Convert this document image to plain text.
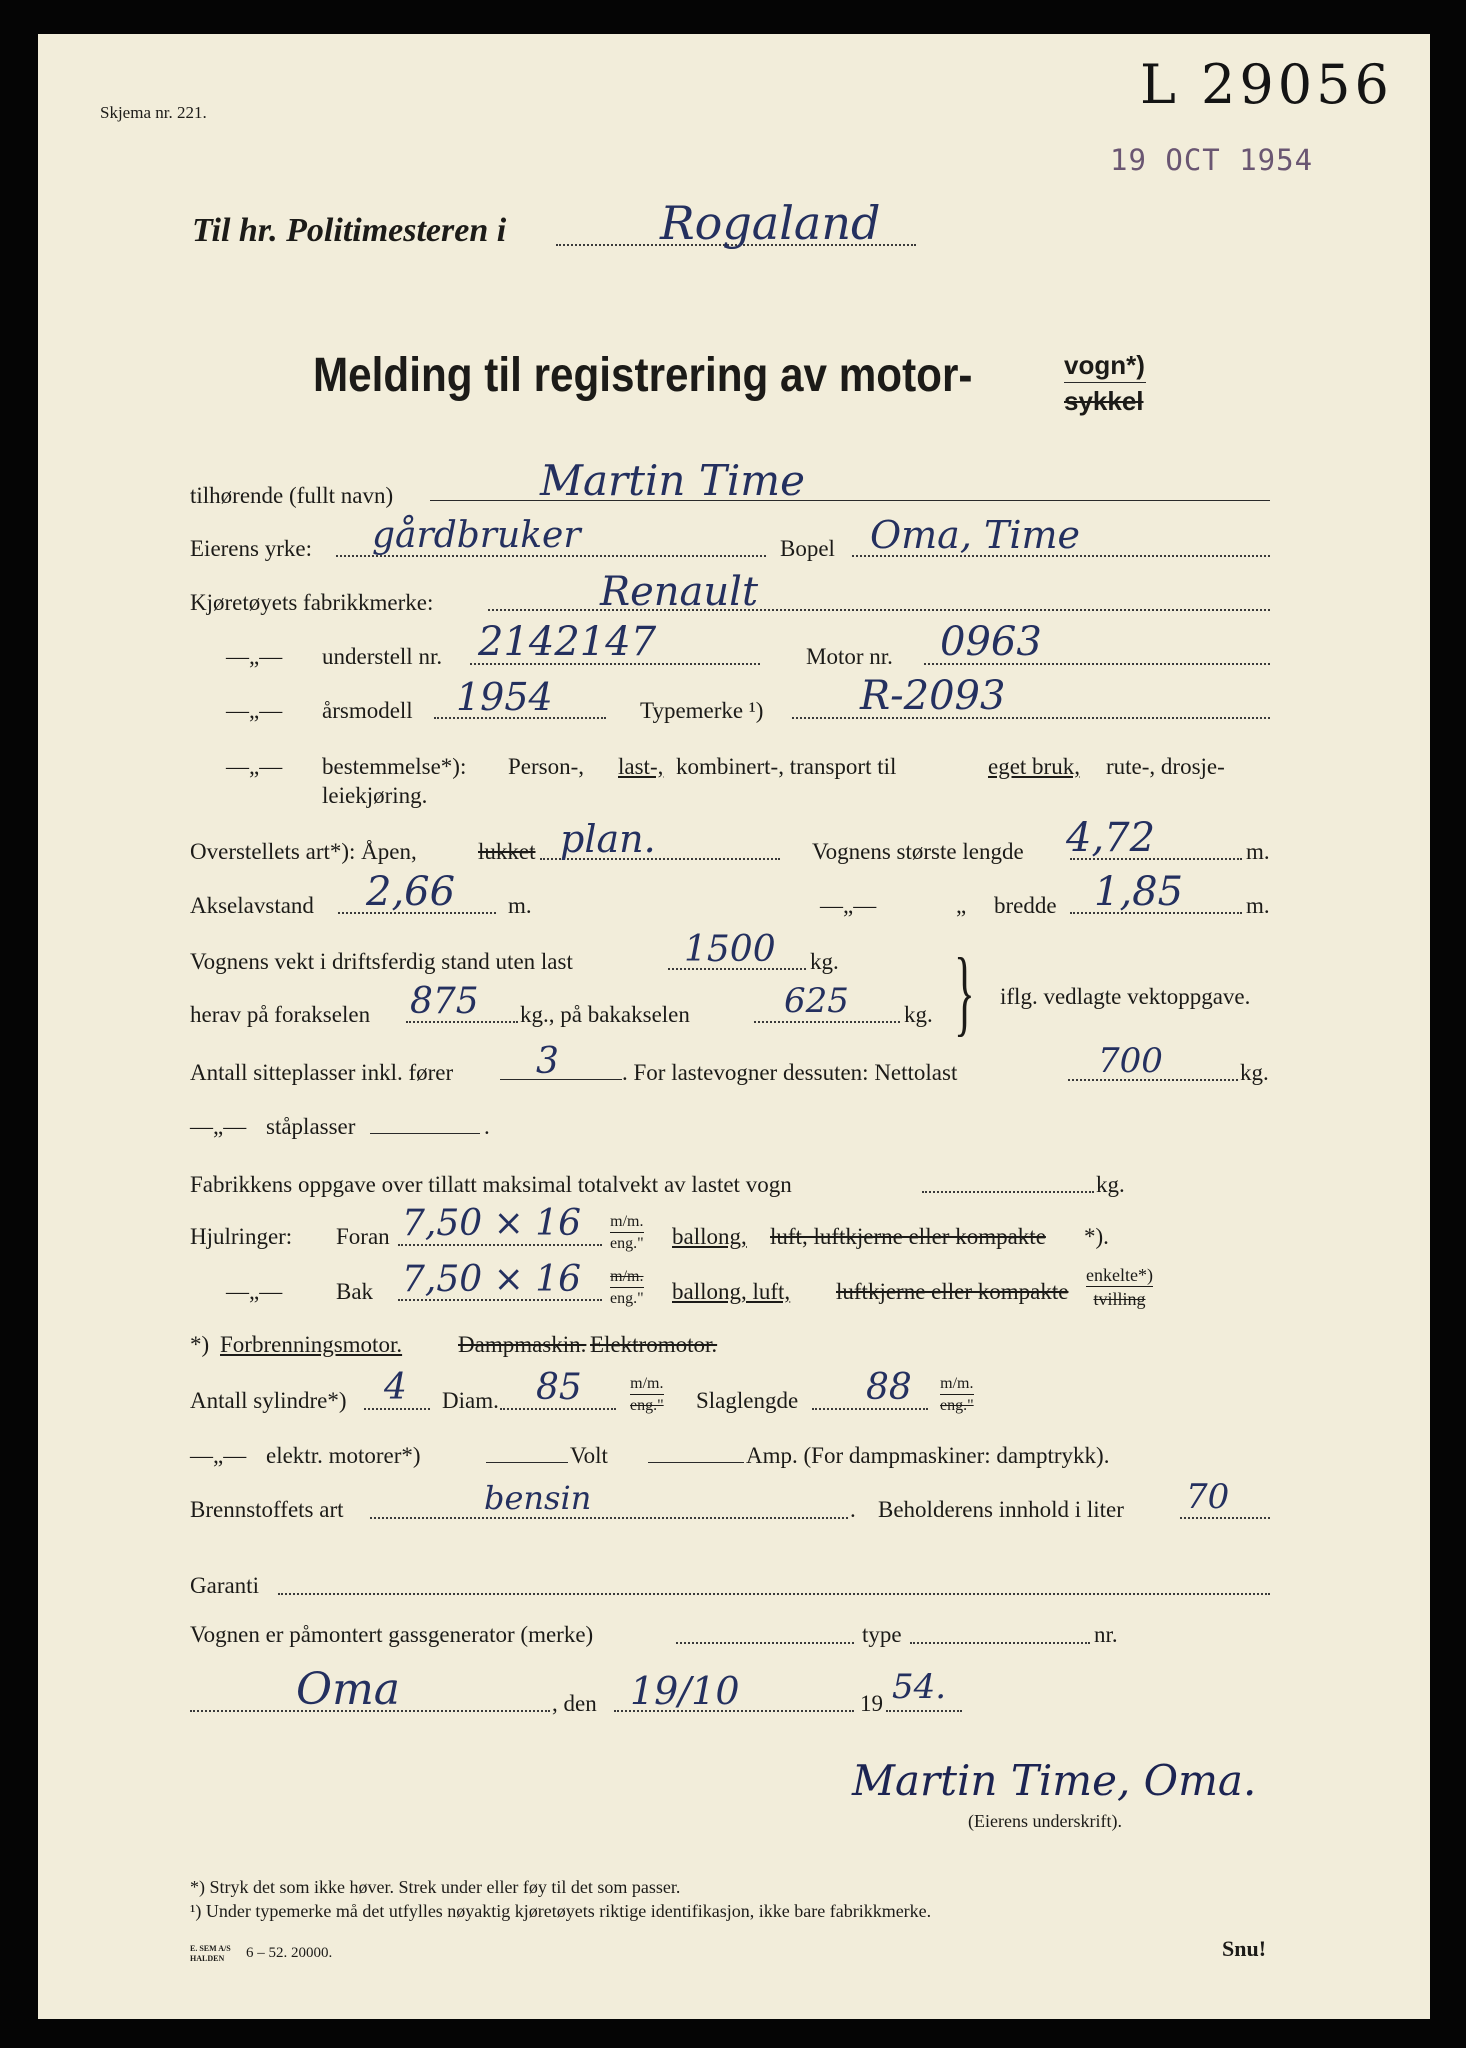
Skjema nr. 221.	L 29056
19 OCT 1954
Til hr. Politimesteren i	Rogaland
Melding til registrering av motor-	vogn*)
sykkel
tilhørende (fullt navn)	Martin Time
Eierens yrke: gårdbruker	Bopel Oma, Time
Kjøretøyets fabrikkmerke:	Renault
—„— understell nr. 2142147	Motor nr. 0963
—„— årsmodell 1954	Typemerke ¹) R-2093
—„— bestemmelse*): Person-, last-, kombinert-, transport til	eget bruk, rute-, drosje-
leiekjøring.
Overstellets art*): Åpen,	lukket plan.	Vognens største lengde 4,72	m.
Akselavstand 2,66 m.	—„—	„ bredde 1,85	m.
Vognens vekt i driftsferdig stand uten last	1500 kg.
herav på forakselen 875 kg., på bakakselen	625 kg. } iflg. vedlagte vektoppgave.
Antall sitteplasser inkl. fører 3	. For lastevogner dessuten: Nettolast	700	kg.
—„— ståplasser	.
Fabrikkens oppgave over tillatt maksimal totalvekt av lastet vogn	kg.
Hjulringer: Foran 7,50 × 16 m/m.
eng." ballong, luft, luftkjerne eller kompakte *).
—„— Bak 7,50 × 16 m/m.
eng." ballong, luft, luftkjerne eller kompakte
enkelte*)
tvilling
*) Forbrenningsmotor. Dampmaskin. Elektromotor.
Antall sylindre*) 4 Diam. 85	m/m.
eng." Slaglengde 88 m/m.
eng."
—„— elektr. motorer*)	Volt	Amp. (For dampmaskiner: damptrykk).
Brennstoffets art	bensin	. Beholderens innhold i liter 70
Garanti
Vognen er påmontert gassgenerator (merke)	type	nr.
Oma	, den 19/10	19 54.
Martin Time, Oma.
(Eierens underskrift).
*) Stryk det som ikke høver. Strek under eller føy til det som passer.
¹) Under typemerke må det utfylles nøyaktig kjøretøyets riktige identifikasjon, ikke bare fabrikkmerke.
E. SEM A/S
HALDEN 6 – 52. 20000.	Snu!
